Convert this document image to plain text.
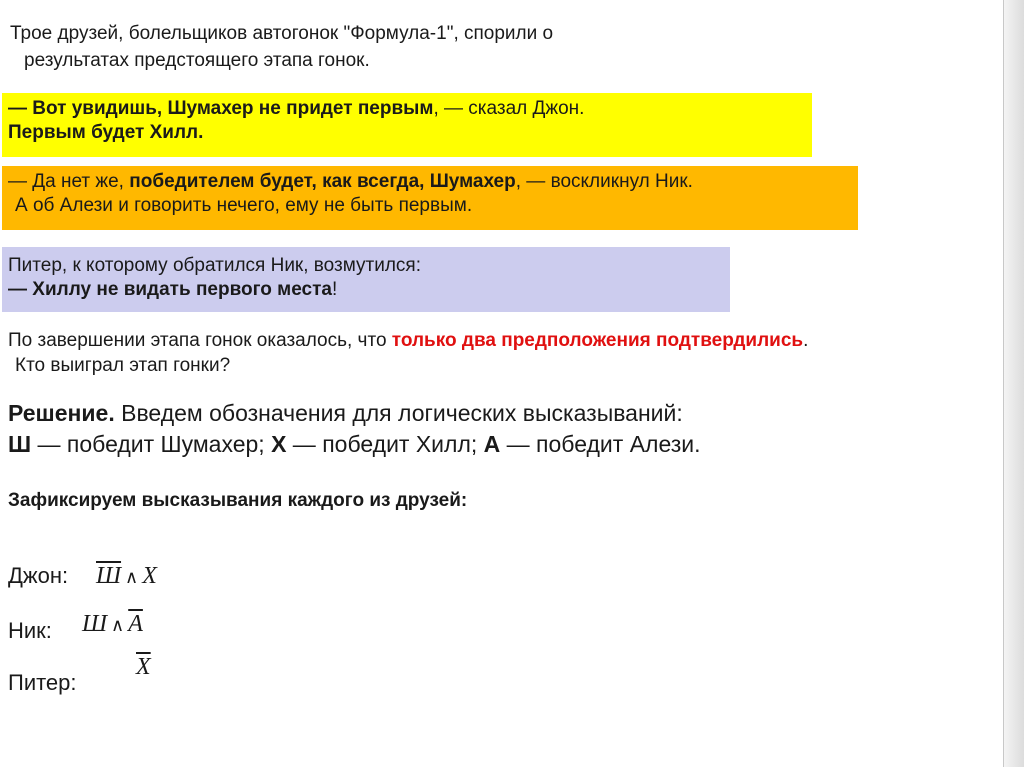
Трое друзей, болельщиков автогонок "Формула-1", спорили о
результатах предстоящего этапа гонок.
— Вот увидишь, Шумахер не придет первым, — сказал Джон.
Первым будет Хилл.
— Да нет же, победителем будет, как всегда, Шумахер, — воскликнул Ник.
А об Алези и говорить нечего, ему не быть первым.
Питер, к которому обратился Ник, возмутился:
— Хиллу не видать первого места!
По завершении этапа гонок оказалось, что только два предположения подтвердились.
Кто выиграл этап гонки?
Решение. Введем обозначения для логических высказываний:
Ш — победит Шумахер; Х — победит Хилл; А — победит Алези.
Зафиксируем высказывания каждого из друзей:
Джон: Ш ∧ X
Ник: Ш ∧ $\overline{A}$
Питер:
$\overline{X}$
